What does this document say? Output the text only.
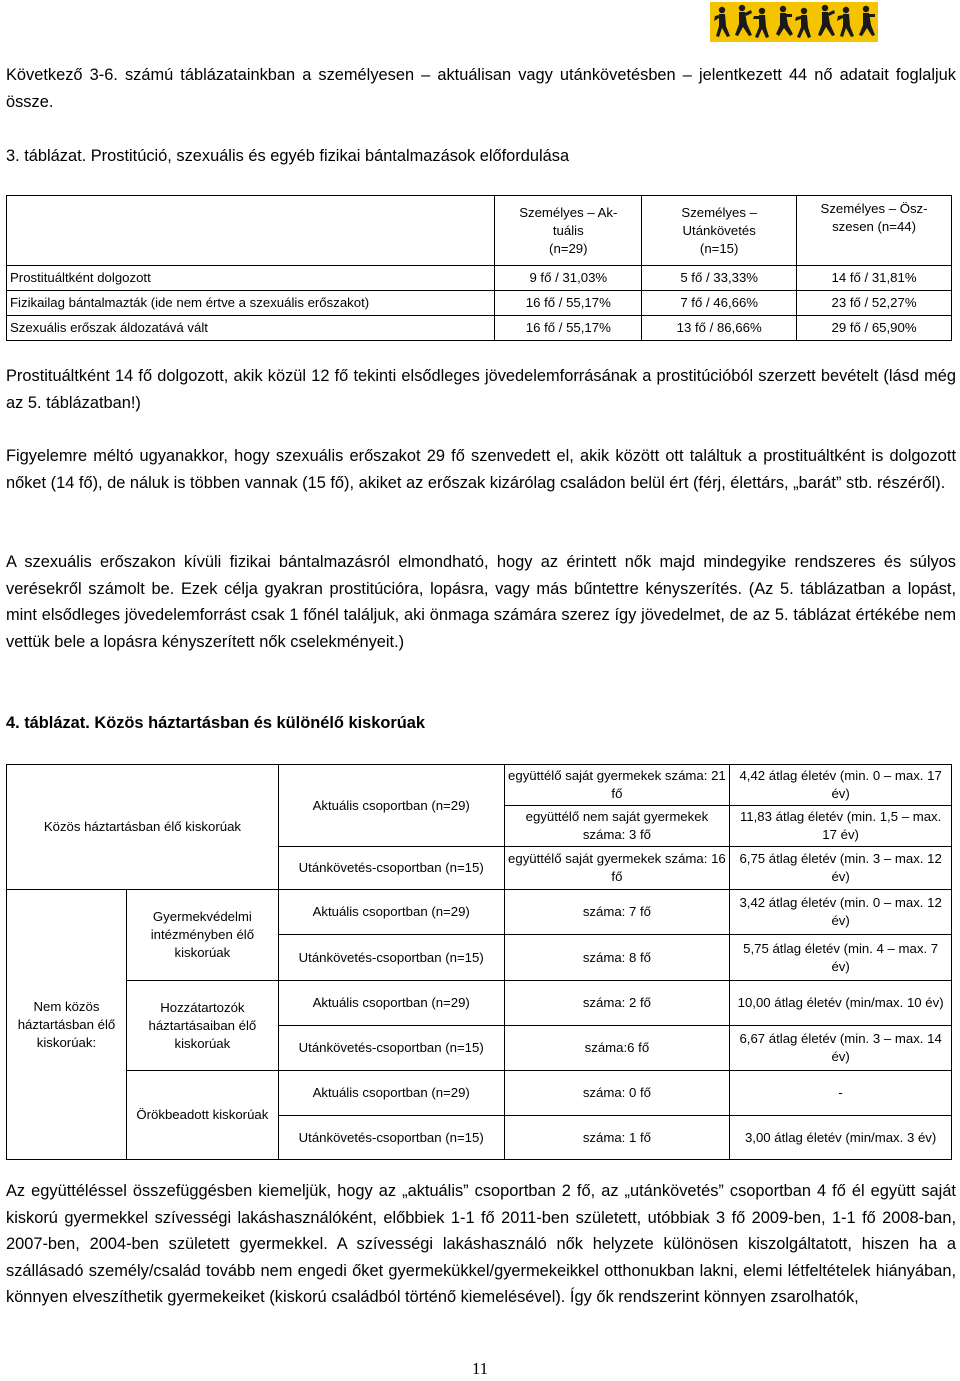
Következő 3-6. számú táblázatainkban a személyesen – aktuálisan vagy utánkövetésben – jelentkezett 44 nő adatait foglaljuk össze.
3. táblázat. Prostitúció, szexuális és egyéb fizikai bántalmazások előfordulása
	Személyes – Ak-
tuális
(n=29)	Személyes –
Utánkövetés
(n=15)	Személyes – Ösz-
szesen (n=44)
Prostituáltként dolgozott	9 fő / 31,03%	5 fő / 33,33%	14 fő / 31,81%
Fizikailag bántalmazták (ide nem értve a szexuális erőszakot)	16 fő / 55,17%	7 fő / 46,66%	23 fő / 52,27%
Szexuális erőszak áldozatává vált	16 fő / 55,17%	13 fő / 86,66%	29 fő / 65,90%
Prostituáltként 14 fő dolgozott, akik közül 12 fő tekinti elsődleges jövedelemforrásának a prostitúcióból szerzett bevételt (lásd még az 5. táblázatban!)
Figyelemre méltó ugyanakkor, hogy szexuális erőszakot 29 fő szenvedett el, akik között ott találtuk a prostituáltként is dolgozott nőket (14 fő), de náluk is többen vannak (15 fő), akiket az erőszak kizárólag családon belül ért (férj, élettárs, „barát” stb. részéről).
A szexuális erőszakon kívüli fizikai bántalmazásról elmondható, hogy az érintett nők majd mindegyike rendszeres és súlyos verésekről számolt be. Ezek célja gyakran prostitúcióra, lopásra, vagy más bűntettre kényszerítés. (Az 5. táblázatban a lopást, mint elsődleges jövedelemforrást csak 1 főnél találjuk, aki önmaga számára szerez így jövedelmet, de az 5. táblázat értékébe nem vettük bele a lopásra kényszerített nők cselekményeit.)
4. táblázat. Közös háztartásban és különélő kiskorúak
Közös háztartásban élő kiskorúak		Aktuális csoportban (n=29)	együttélő saját gyermekek száma: 21 fő	4,42 átlag életév (min. 0 – max. 17 év)
			együttélő nem saját gyermekek száma: 3 fő	11,83 átlag életév (min. 1,5 – max. 17 év)
		Utánkövetés-csoportban (n=15)	együttélő saját gyermekek száma: 16 fő	6,75 átlag életév (min. 3 – max. 12 év)
Nem közös háztartásban élő kiskorúak:	Gyermekvédelmi intézményben élő kiskorúak	Aktuális csoportban (n=29)	száma: 7 fő	3,42 átlag életév (min. 0 – max. 12 év)
		Utánkövetés-csoportban (n=15)	száma: 8 fő	5,75 átlag életév (min. 4 – max. 7 év)
	Hozzátartozók háztartásaiban élő kiskorúak	Aktuális csoportban (n=29)	száma: 2 fő	10,00 átlag életév (min/max. 10 év)
		Utánkövetés-csoportban (n=15)	száma:6 fő	6,67 átlag életév (min. 3 – max. 14 év)
	Örökbeadott kiskorúak	Aktuális csoportban (n=29)	száma: 0 fő	-
		Utánkövetés-csoportban (n=15)	száma: 1 fő	3,00 átlag életév (min/max. 3 év)
Az együttéléssel összefüggésben kiemeljük, hogy az „aktuális” csoportban 2 fő, az „utánkövetés” csoportban 4 fő él együtt saját kiskorú gyermekkel szívességi lakáshasználóként, előbbiek 1-1 fő 2011-ben született, utóbbiak 3 fő 2009-ben, 1-1 fő 2008-ban, 2007-ben, 2004-ben született gyermekkel. A szívességi lakáshasználó nők helyzete különösen kiszolgáltatott, hiszen ha a szállásadó személy/család tovább nem engedi őket gyermekükkel/gyermekeikkel otthonukban lakni, elemi létfeltételek hiányában, könnyen elveszíthetik gyermekeiket (kiskorú családból történő kiemelésével). Így ők rendszerint könnyen zsarolhatók,
11
